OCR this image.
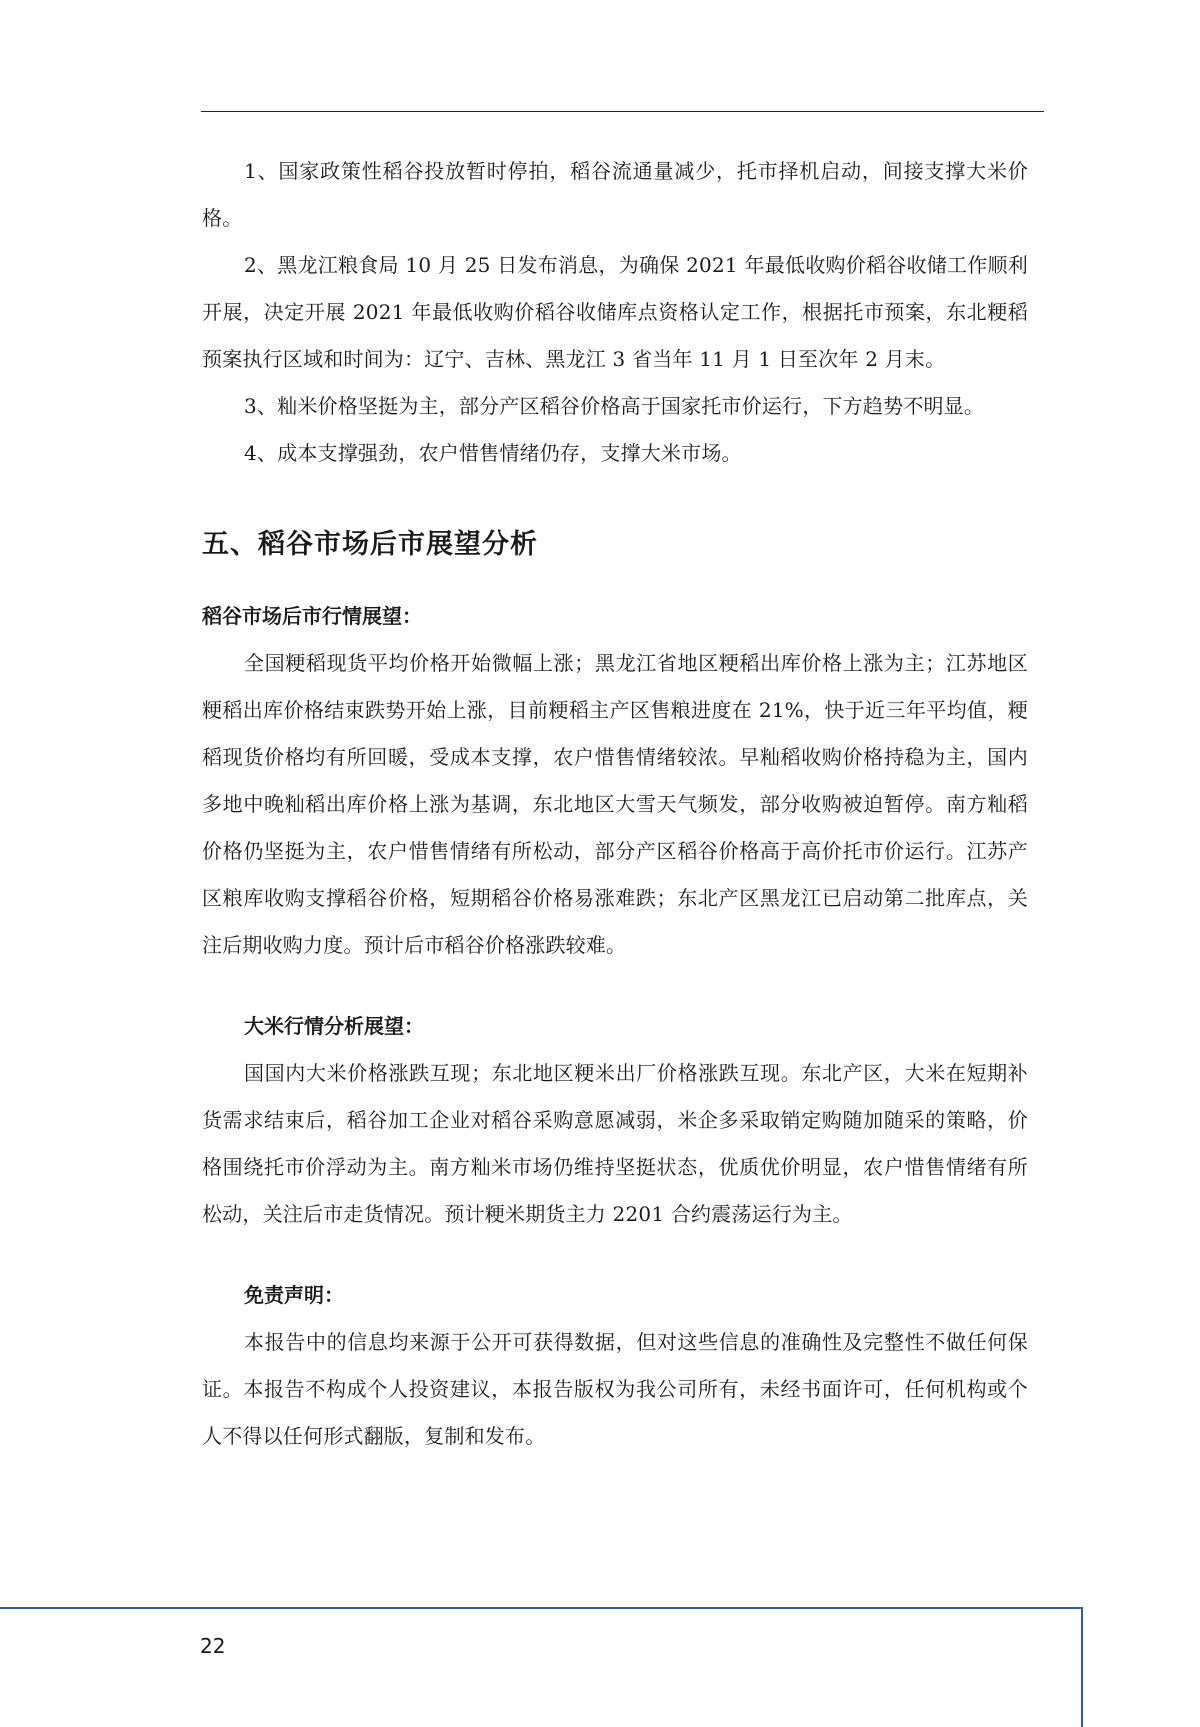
1、国家政策性稻谷投放暂时停拍，稻谷流通量减少，托市择机启动，间接支撑大米价格。

2、黑龙江粮食局 10 月 25 日发布消息，为确保 2021 年最低收购价稻谷收储工作顺利开展，决定开展 2021 年最低收购价稻谷收储库点资格认定工作，根据托市预案，东北粳稻预案执行区域和时间为：辽宁、吉林、黑龙江 3 省当年 11 月 1 日至次年 2 月末。

3、籼米价格坚挺为主，部分产区稻谷价格高于国家托市价运行，下方趋势不明显。

4、成本支撑强劲，农户惜售情绪仍存，支撑大米市场。

五、稻谷市场后市展望分析
稻谷市场后市行情展望：

全国粳稻现货平均价格开始微幅上涨；黑龙江省地区粳稻出库价格上涨为主；江苏地区粳稻出库价格结束跌势开始上涨，目前粳稻主产区售粮进度在 21%，快于近三年平均值，粳稻现货价格均有所回暖，受成本支撑，农户惜售情绪较浓。早籼稻收购价格持稳为主，国内多地中晚籼稻出库价格上涨为基调，东北地区大雪天气频发，部分收购被迫暂停。南方籼稻价格仍坚挺为主，农户惜售情绪有所松动，部分产区稻谷价格高于高价托市价运行。江苏产区粮库收购支撑稻谷价格，短期稻谷价格易涨难跌；东北产区黑龙江已启动第二批库点，关注后期收购力度。预计后市稻谷价格涨跌较难。

大米行情分析展望：

国国内大米价格涨跌互现；东北地区粳米出厂价格涨跌互现。东北产区，大米在短期补货需求结束后，稻谷加工企业对稻谷采购意愿减弱，米企多采取销定购随加随采的策略，价格围绕托市价浮动为主。南方籼米市场仍维持坚挺状态，优质优价明显，农户惜售情绪有所松动，关注后市走货情况。预计粳米期货主力 2201 合约震荡运行为主。

免责声明：

本报告中的信息均来源于公开可获得数据，但对这些信息的准确性及完整性不做任何保证。本报告不构成个人投资建议，本报告版权为我公司所有，未经书面许可，任何机构或个人不得以任何形式翻版，复制和发布。

22
